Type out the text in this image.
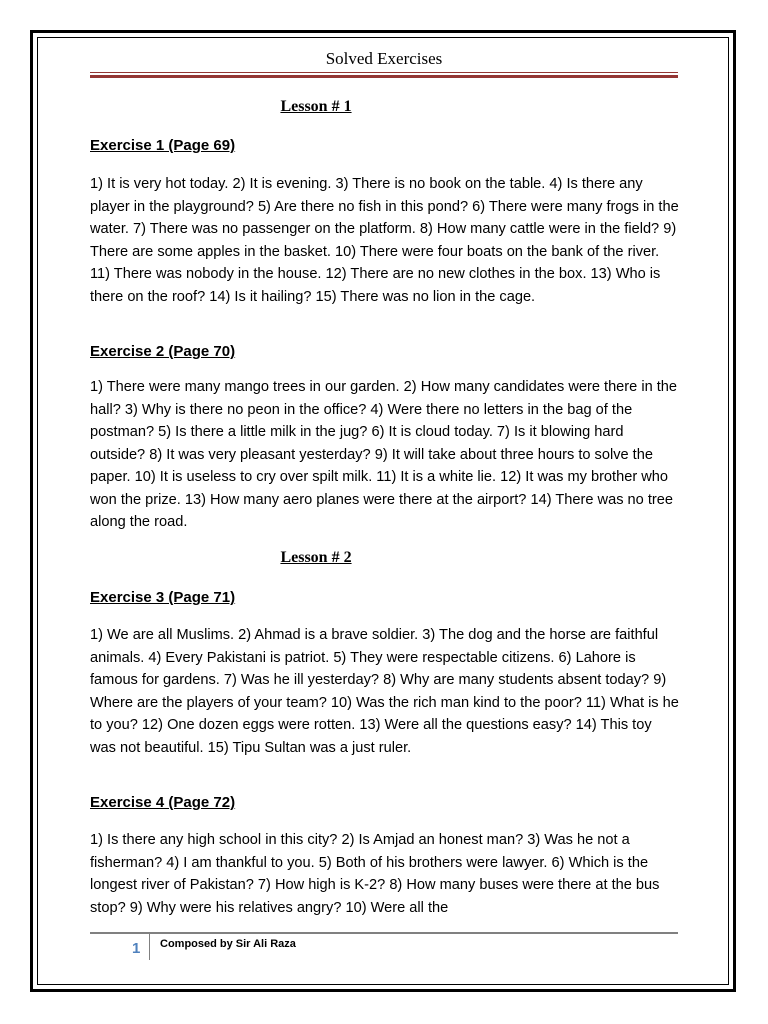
Solved Exercises
Lesson # 1
Exercise 1 (Page 69)

1) It is very hot today. 2) It is evening. 3) There is no book on the table. 4) Is there any player in the playground? 5) Are there no fish in this pond? 6) There were many frogs in the water. 7) There was no passenger on the platform. 8) How many cattle were in the field? 9) There are some apples in the basket. 10) There were four boats on the bank of the river. 11) There was nobody in the house. 12) There are no new clothes in the box. 13) Who is there on the roof? 14) Is it hailing? 15) There was no lion in the cage.

Exercise 2 (Page 70)

1) There were many mango trees in our garden. 2) How many candidates were there in the hall? 3) Why is there no peon in the office? 4) Were there no letters in the bag of the postman? 5) Is there a little milk in the jug? 6) It is cloud today. 7) Is it blowing hard outside? 8) It was very pleasant yesterday? 9) It will take about three hours to solve the paper. 10) It is useless to cry over spilt milk. 11) It is a white lie. 12) It was my brother who won the prize. 13) How many aero planes were there at the airport? 14) There was no tree along the road.

Lesson # 2
Exercise 3 (Page 71)

1) We are all Muslims. 2) Ahmad is a brave soldier. 3) The dog and the horse are faithful animals. 4) Every Pakistani is patriot. 5) They were respectable citizens. 6) Lahore is famous for gardens. 7) Was he ill yesterday? 8) Why are many students absent today? 9) Where are the players of your team? 10) Was the rich man kind to the poor? 11) What is he to you? 12) One dozen eggs were rotten. 13) Were all the questions easy? 14) This toy was not beautiful. 15) Tipu Sultan was a just ruler.

Exercise 4 (Page 72)

1) Is there any high school in this city? 2) Is Amjad an honest man? 3) Was he not a fisherman? 4) I am thankful to you. 5) Both of his brothers were lawyer. 6) Which is the longest river of Pakistan? 7) How high is K-2? 8) How many buses were there at the bus stop? 9) Why were his relatives angry? 10) Were all the

1 Composed by Sir Ali Raza
